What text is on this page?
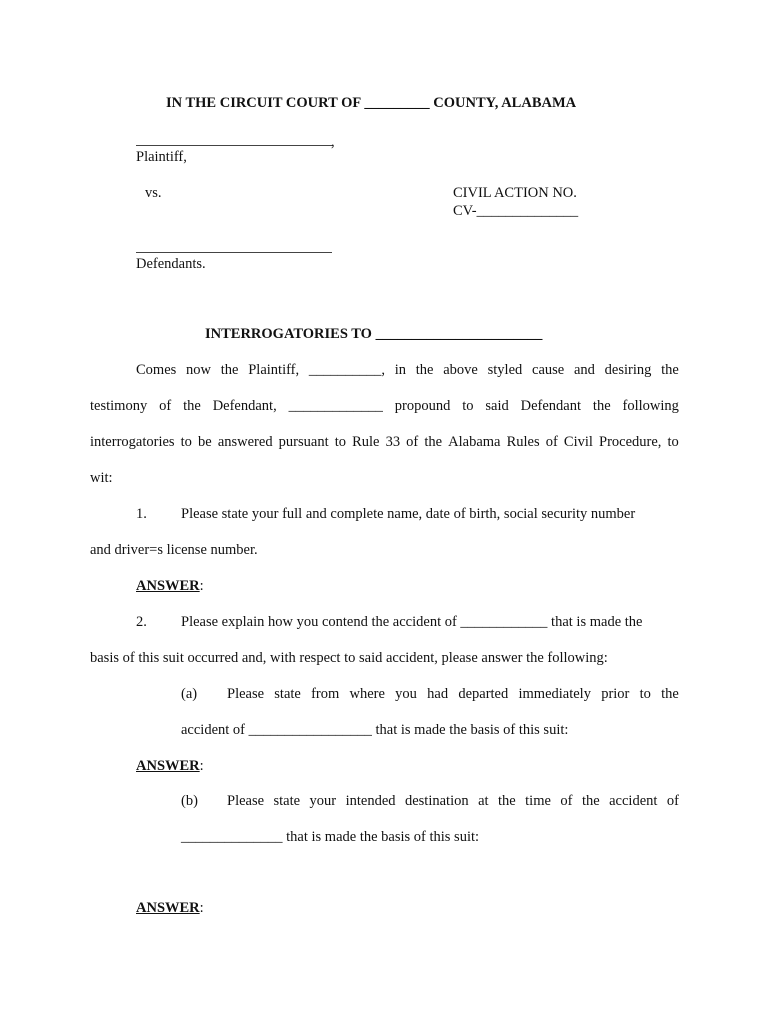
IN THE CIRCUIT COURT OF _________ COUNTY, ALABAMA
,
Plaintiff,
vs.	CIVIL ACTION NO.
CV-______________
Defendants.
INTERROGATORIES TO _______________________
Comes now the Plaintiff, __________, in the above styled cause and desiring the
testimony of the Defendant, _____________ propound to said Defendant the following
interrogatories to be answered pursuant to Rule 33 of the Alabama Rules of Civil Procedure, to
wit:
1. Please state your full and complete name, date of birth, social security number
and driver=s license number.
ANSWER:
2. Please explain how you contend the accident of ____________ that is made the
basis of this suit occurred and, with respect to said accident, please answer the following:
(a) Please state from where you had departed immediately prior to the
accident of _________________ that is made the basis of this suit:
ANSWER:
(b) Please state your intended destination at the time of the accident of
______________ that is made the basis of this suit:
ANSWER:
